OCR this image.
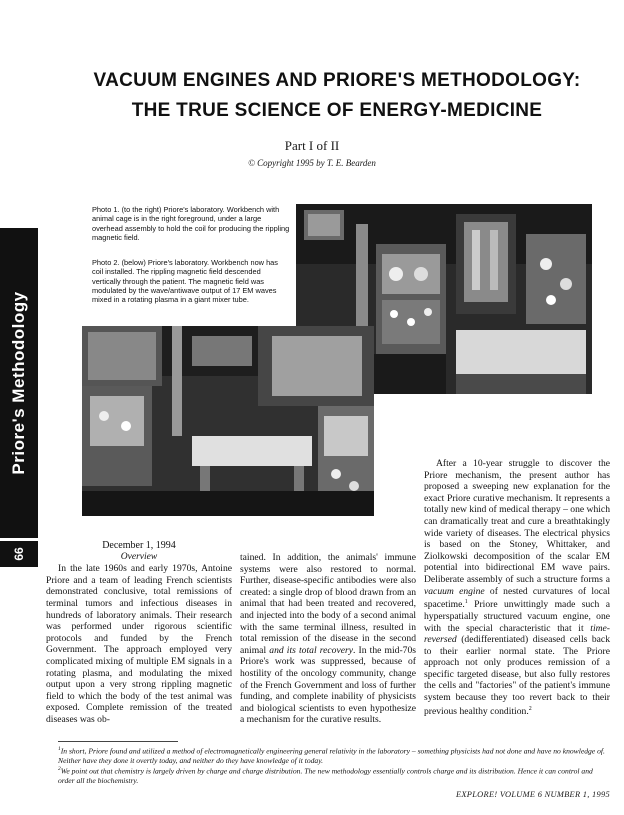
Priore's Methodology
66
VACUUM ENGINES AND PRIORE'S METHODOLOGY:
THE TRUE SCIENCE OF ENERGY-MEDICINE
Part I of II
© Copyright 1995 by T. E. Bearden
Photo 1. (to the right) Priore's laboratory. Workbench with animal cage is in the right foreground, under a large overhead assembly to hold the coil for producing the rippling magnetic field.
Photo 2. (below) Priore's laboratory. Workbench now has coil installed. The rippling magnetic field descended vertically through the patient. The magnetic field was modulated by the wave/antiwave output of 17 EM waves mixed in a rotating plasma in a giant mixer tube.
December 1, 1994
Overview

In the late 1960s and early 1970s, Antoine Priore and a team of leading French scientists demonstrated conclusive, total remissions of terminal tumors and infectious diseases in hundreds of laboratory animals. Their research was performed under rigorous scientific protocols and funded by the French Government. The approach employed very complicated mixing of multiple EM signals in a rotating plasma, and modulating the mixed output upon a very strong rippling magnetic field to which the body of the test animal was exposed. Complete remission of the treated diseases was ob-

tained. In addition, the animals' immune systems were also restored to normal. Further, disease-specific antibodies were also created: a single drop of blood drawn from an animal that had been treated and recovered, and injected into the body of a second animal with the same terminal illness, resulted in total remission of the disease in the second animal and its total recovery. In the mid-70s Priore's work was suppressed, because of hostility of the oncology community, change of the French Government and loss of further funding, and complete inability of physicists and biological scientists to even hypothesize a mechanism for the curative results.

After a 10-year struggle to discover the Priore mechanism, the present author has proposed a sweeping new explanation for the exact Priore curative mechanism. It represents a totally new kind of medical therapy – one which can dramatically treat and cure a breathtakingly wide variety of diseases. The electrical physics is based on the Stoney, Whittaker, and Ziolkowski decomposition of the scalar EM potential into bidirectional EM wave pairs. Deliberate assembly of such a structure forms a vacuum engine of nested curvatures of local spacetime.$^1$ Priore unwittingly made such a hyperspatially structured vacuum engine, one with the special characteristic that it time-reversed (dedifferentiated) diseased cells back to their earlier normal state. The Priore approach not only produces remission of a specific targeted disease, but also fully restores the cells and "factories" of the patient's immune system because they too revert back to their previous healthy condition.$^2$

$^1$In short, Priore found and utilized a method of electromagnetically engineering general relativity in the laboratory – something physicists had not done and have no knowledge of. Neither have they done it overtly today, and neither do they have knowledge of it today.
$^2$We point out that chemistry is largely driven by charge and charge distribution. The new methodology essentially controls charge and its distribution. Hence it can control and order all the biochemistry.
EXPLORE! VOLUME 6 NUMBER 1, 1995
